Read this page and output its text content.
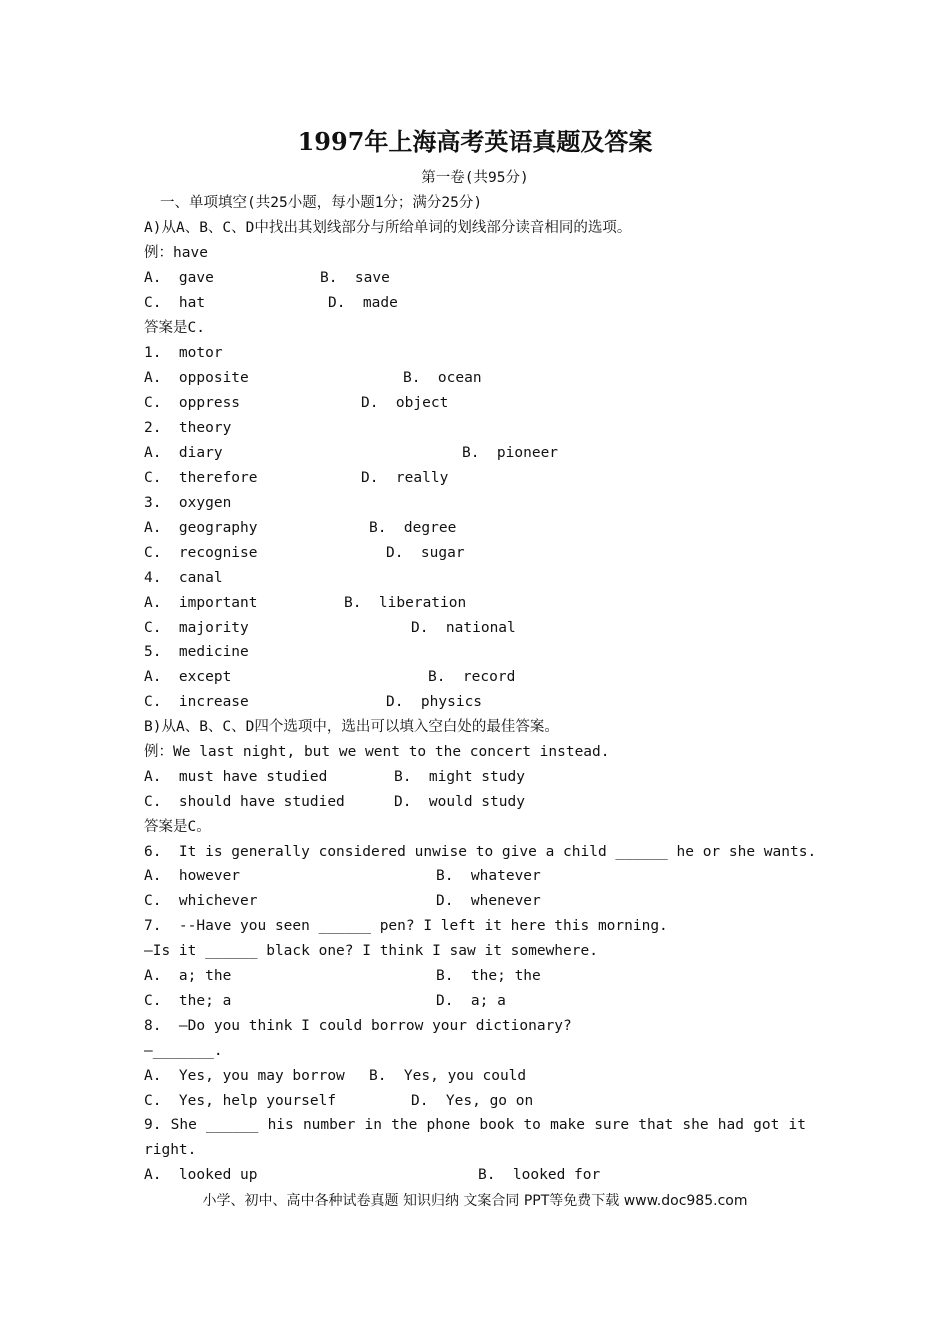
1997年上海高考英语真题及答案
第一卷(共95分)
一、单项填空(共25小题，每小题1分；满分25分)
A)从A、B、C、D中找出其划线部分与所给单词的划线部分读音相同的选项。
例：have
A.  gave	B.  save
C.  hat	D.  made
答案是C.
1.  motor
A.  opposite	B.  ocean
C.  oppress	D.  object
2.  theory
A.  diary	B.  pioneer
C.  therefore	D.  really
3.  oxygen
A.  geography	B.  degree
C.  recognise	D.  sugar
4.  canal
A.  important	B.  liberation
C.  majority	D.  national
5.  medicine
A.  except	B.  record
C.  increase	D.  physics
B)从A、B、C、D四个选项中，选出可以填入空白处的最佳答案。
例：We last night, but we went to the concert instead.
A.  must have studied	B.  might study
C.  should have studied	D.  would study
答案是C。
6.  It is generally considered unwise to give a child ______ he or she wants.
A.  however	B.  whatever
C.  whichever	D.  whenever
7.  --Have you seen ______ pen? I left it here this morning.
—Is it ______ black one? I think I saw it somewhere.
A.  a; the	B.  the; the
C.  the; a	D.  a; a
8.  —Do you think I could borrow your dictionary?
—_______.
A.  Yes, you may borrow B.  Yes, you could
C.  Yes, help yourself	D.  Yes, go on
9. She ______ his number in the phone book to make sure that she had got it
right.
A.  looked up	B.  looked for
小学、初中、高中各种试卷真题 知识归纳 文案合同 PPT等免费下载 www.doc985.com
